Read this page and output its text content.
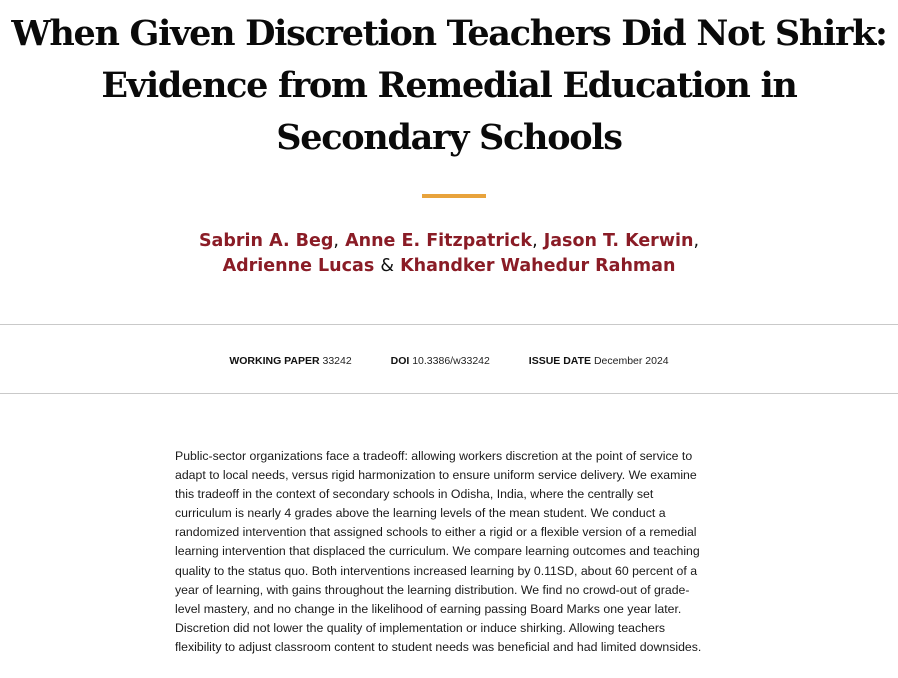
When Given Discretion Teachers Did Not Shirk:
Evidence from Remedial Education in
Secondary Schools
Sabrin A. Beg, Anne E. Fitzpatrick, Jason T. Kerwin,
Adrienne Lucas & Khandker Wahedur Rahman
WORKING PAPER 33242	DOI 10.3386/w33242	ISSUE DATE December 2024
Public-sector organizations face a tradeoff: allowing workers discretion at the point of service to
adapt to local needs, versus rigid harmonization to ensure uniform service delivery. We examine
this tradeoff in the context of secondary schools in Odisha, India, where the centrally set
curriculum is nearly 4 grades above the learning levels of the mean student. We conduct a
randomized intervention that assigned schools to either a rigid or a flexible version of a remedial
learning intervention that displaced the curriculum. We compare learning outcomes and teaching
quality to the status quo. Both interventions increased learning by 0.11SD, about 60 percent of a
year of learning, with gains throughout the learning distribution. We find no crowd-out of grade-
level mastery, and no change in the likelihood of earning passing Board Marks one year later.
Discretion did not lower the quality of implementation or induce shirking. Allowing teachers
flexibility to adjust classroom content to student needs was beneficial and had limited downsides.
